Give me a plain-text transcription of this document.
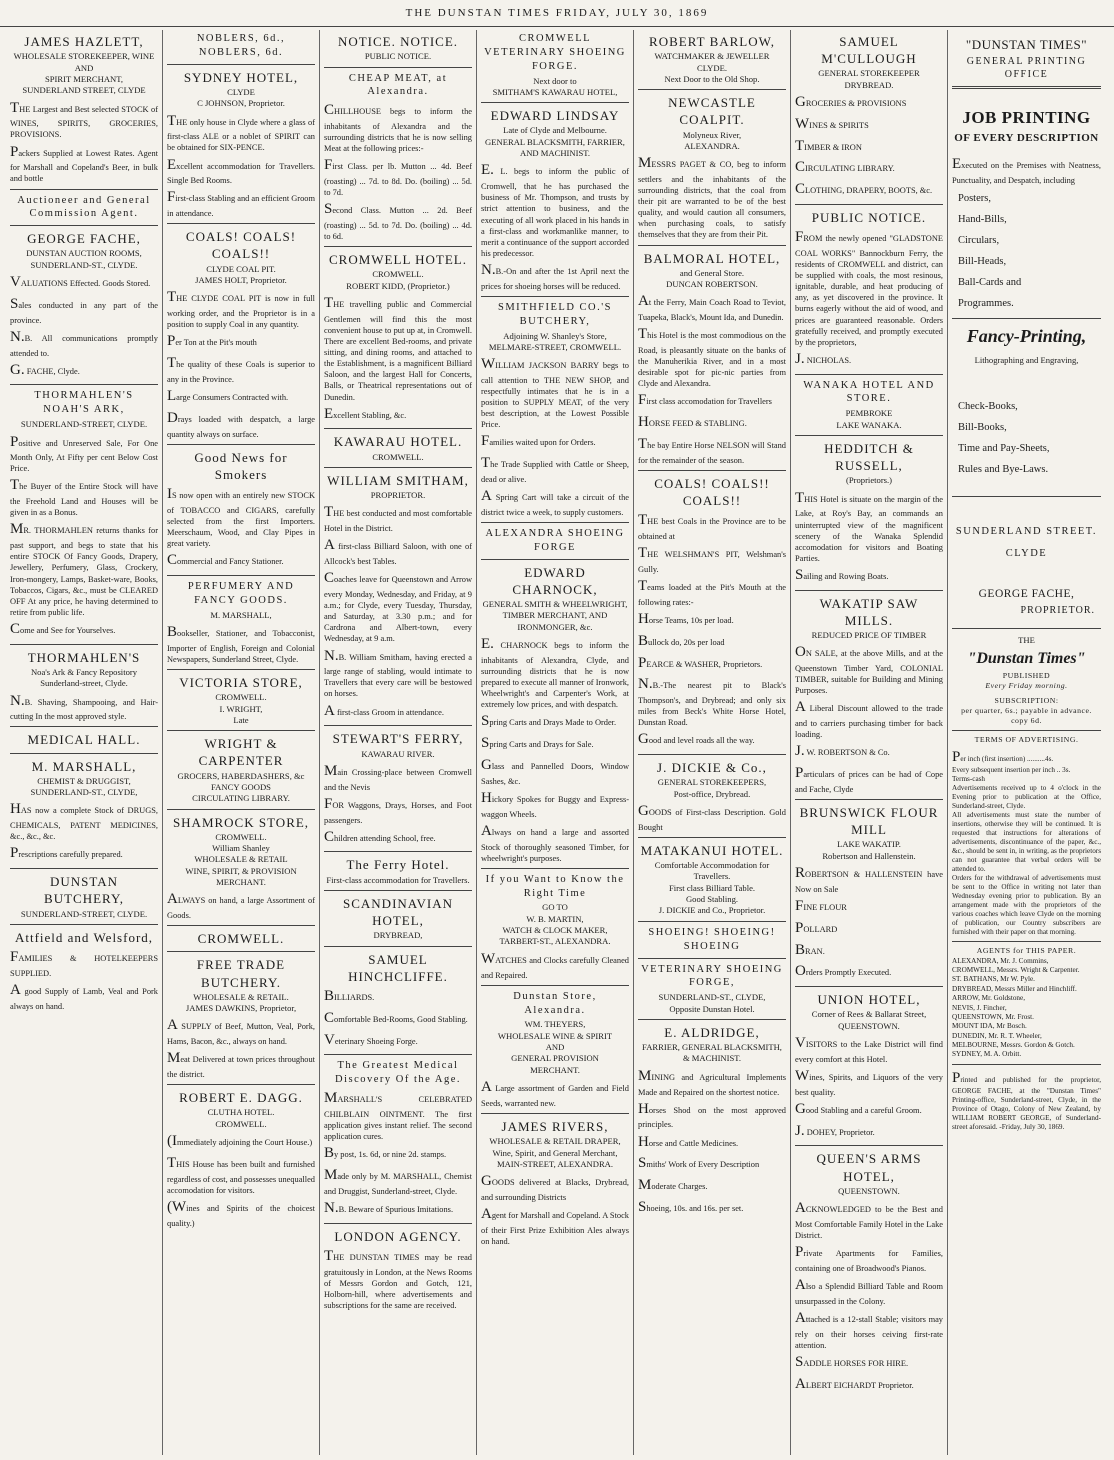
THE DUNSTAN TIMES FRIDAY, JULY 30, 1869
JAMES HAZLETT,
WHOLESALE STOREKEEPER, WINE
AND
SPIRIT MERCHANT,
SUNDERLAND STREET, CLYDE
THE Largest and Best selected STOCK of WINES, SPIRITS, GROCERIES, PROVISIONS.
Packers Supplied at Lowest Rates. Agent for Marshall and Copeland's Beer, in bulk and bottle
Auctioneer and General Commission Agent.
GEORGE FACHE,
DUNSTAN AUCTION ROOMS,
SUNDERLAND-ST., CLYDE.
VALUATIONS Effected. Goods Stored.
Sales conducted in any part of the province.
N.B. All communications promptly attended to.
G. FACHE, Clyde.
THORMAHLEN'S NOAH'S ARK,
SUNDERLAND-STREET, CLYDE.
Positive and Unreserved Sale, For One Month Only, At Fifty per cent Below Cost Price.
The Buyer of the Entire Stock will have the Freehold Land and Houses will be given in as a Bonus.
MR. THORMAHLEN returns thanks for past support, and begs to state that his entire STOCK Of Fancy Goods, Drapery, Jewellery, Perfumery, Glass, Crockery, Iron-mongery, Lamps, Basket-ware, Books, Tobaccos, Cigars, &c., must be CLEARED OFF At any price, he having determined to retire from public life.
Come and See for Yourselves.
THORMAHLEN'S
Noa's Ark & Fancy Repository
Sunderland-street, Clyde.
N.B. Shaving, Shampooing, and Hair-cutting In the most approved style.
MEDICAL HALL.
M. MARSHALL,
CHEMIST & DRUGGIST,
SUNDERLAND-ST., CLYDE,
HAS now a complete Stock of DRUGS, CHEMICALS, PATENT MEDICINES, &c., &c., &c.
Prescriptions carefully prepared.
DUNSTAN BUTCHERY,
SUNDERLAND-STREET, CLYDE.
Attfield and Welsford,
FAMILIES & HOTELKEEPERS SUPPLIED.
A good Supply of Lamb, Veal and Pork always on hand.
NOBLERS, 6d., NOBLERS, 6d.
SYDNEY HOTEL,
CLYDE
C JOHNSON, Proprietor.
THE only house in Clyde where a glass of first-class ALE or a noblet of SPIRIT can be obtained for SIX-PENCE.
Excellent accommodation for Travellers. Single Bed Rooms.
First-class Stabling and an efficient Groom in attendance.
COALS! COALS! COALS!!
CLYDE COAL PIT.
JAMES HOLT, Proprietor.
THE CLYDE COAL PIT is now in full working order, and the Proprietor is in a position to supply Coal in any quantity.
Per Ton at the Pit's mouth
The quality of these Coals is superior to any in the Province.
Large Consumers Contracted with.
Drays loaded with despatch, a large quantity always on surface.
Good News for Smokers
IS now open with an entirely new STOCK of TOBACCO and CIGARS, carefully selected from the first Importers. Meerschaum, Wood, and Clay Pipes in great variety.
Commercial and Fancy Stationer.
PERFUMERY AND FANCY GOODS.
M. MARSHALL,
Bookseller, Stationer, and Tobacconist, Importer of English, Foreign and Colonial Newspapers, Sunderland Street, Clyde.
VICTORIA STORE,
CROMWELL.
I. WRIGHT,
Late
WRIGHT & CARPENTER
GROCERS, HABERDASHERS, &c
FANCY GOODS
CIRCULATING LIBRARY.
SHAMROCK STORE,
CROMWELL.
William Shanley
WHOLESALE & RETAIL
WINE, SPIRIT, & PROVISION
MERCHANT.
ALWAYS on hand, a large Assortment of Goods.
CROMWELL.
FREE TRADE BUTCHERY.
WHOLESALE & RETAIL.
JAMES DAWKINS, Proprietor,
A SUPPLY of Beef, Mutton, Veal, Pork, Hams, Bacon, &c., always on hand.
Meat Delivered at town prices throughout the district.
ROBERT E. DAGG.
CLUTHA HOTEL.
CROMWELL.
(Immediately adjoining the Court House.)
THIS House has been built and furnished regardless of cost, and possesses unequalled accomodation for visitors.
(Wines and Spirits of the choicest quality.)
NOTICE. NOTICE.
PUBLIC NOTICE.
CHEAP MEAT, at Alexandra.
CHILLHOUSE begs to inform the inhabitants of Alexandra and the surrounding districts that he is now selling Meat at the following prices:-
First Class. per lb. Mutton ... 4d. Beef (roasting) ... 7d. to 8d. Do. (boiling) ... 5d. to 7d.
Second Class. Mutton ... 2d. Beef (roasting) ... 5d. to 7d. Do. (boiling) ... 4d. to 6d.
CROMWELL HOTEL.
CROMWELL.
ROBERT KIDD, (Proprietor.)
THE travelling public and Commercial Gentlemen will find this the most convenient house to put up at, in Cromwell. There are excellent Bed-rooms, and private sitting, and dining rooms, and attached to the Establishment, is a magnificent Billiard Saloon, and the largest Hall for Concerts, Balls, or Theatrical representations out of Dunedin.
Excellent Stabling, &c.
KAWARAU HOTEL.
CROMWELL.
WILLIAM SMITHAM,
PROPRIETOR.
THE best conducted and most comfortable Hotel in the District.
A first-class Billiard Saloon, with one of Allcock's best Tables.
Coaches leave for Queenstown and Arrow every Monday, Wednesday, and Friday, at 9 a.m.; for Clyde, every Tuesday, Thursday, and Saturday, at 3.30 p.m.; and for Cardrona and Albert-town, every Wednesday, at 9 a.m.
N.B. William Smitham, having erected a large range of stabling, would intimate to Travellers that every care will be bestowed on horses.
A first-class Groom in attendance.
STEWART'S FERRY,
KAWARAU RIVER.
Main Crossing-place between Cromwell and the Nevis
FOR Waggons, Drays, Horses, and Foot passengers.
Children attending School, free.
The Ferry Hotel.
First-class accommodation for Travellers.
SCANDINAVIAN HOTEL,
DRYBREAD,
SAMUEL HINCHCLIFFE.
BILLIARDS.
Comfortable Bed-Rooms, Good Stabling.
Veterinary Shoeing Forge.
The Greatest Medical Discovery Of the Age.
MARSHALL'S CELEBRATED CHILBLAIN OINTMENT. The first application gives instant relief. The second application cures.
By post, 1s. 6d, or nine 2d. stamps.
Made only by M. MARSHALL, Chemist and Druggist, Sunderland-street, Clyde.
N.B. Beware of Spurious Imitations.
LONDON AGENCY.
THE DUNSTAN TIMES may be read gratuitously in London, at the News Rooms of Messrs Gordon and Gotch, 121, Holborn-hill, where advertisements and subscriptions for the same are received.
CROMWELL VETERINARY SHOEING FORGE.
Next door to
SMITHAM'S KAWARAU HOTEL,
EDWARD LINDSAY
Late of Clyde and Melbourne.
GENERAL BLACKSMITH, FARRIER, AND MACHINIST.
E. L. begs to inform the public of Cromwell, that he has purchased the business of Mr. Thompson, and trusts by strict attention to business, and the executing of all work placed in his hands in a first-class and workmanlike manner, to merit a continuance of the support accorded his predecessor.
N.B.-On and after the 1st April next the prices for shoeing horses will be reduced.
SMITHFIELD CO.'S BUTCHERY,
Adjoining W. Shanley's Store,
MELMARE-STREET, CROMWELL.
WILLIAM JACKSON BARRY begs to call attention to THE NEW SHOP, and respectfully intimates that he is in a position to SUPPLY MEAT, of the very best description, at the Lowest Possible Price.
Families waited upon for Orders.
The Trade Supplied with Cattle or Sheep, dead or alive.
A Spring Cart will take a circuit of the district twice a week, to supply customers.
ALEXANDRA SHOEING FORGE
EDWARD CHARNOCK,
GENERAL SMITH & WHEELWRIGHT,
TIMBER MERCHANT, AND IRONMONGER, &c.
E. CHARNOCK begs to inform the inhabitants of Alexandra, Clyde, and surrounding districts that he is now prepared to execute all manner of Ironwork, Wheelwright's and Carpenter's Work, at extremely low prices, and with despatch.
Spring Carts and Drays Made to Order.
Spring Carts and Drays for Sale.
Glass and Pannelled Doors, Window Sashes, &c.
Hickory Spokes for Buggy and Express-waggon Wheels.
Always on hand a large and assorted Stock of thoroughly seasoned Timber, for wheelwright's purposes.
If you Want to Know the Right Time
GO TO
W. B. MARTIN,
WATCH & CLOCK MAKER,
TARBERT-ST., ALEXANDRA.
WATCHES and Clocks carefully Cleaned and Repaired.
Dunstan Store, Alexandra.
WM. THEYERS,
WHOLESALE WINE & SPIRIT
AND
GENERAL PROVISION
MERCHANT.
A Large assortment of Garden and Field Seeds, warranted new.
JAMES RIVERS,
WHOLESALE & RETAIL DRAPER,
Wine, Spirit, and General Merchant,
MAIN-STREET, ALEXANDRA.
GOODS delivered at Blacks, Drybread, and surrounding Districts
Agent for Marshall and Copeland. A Stock of their First Prize Exhibition Ales always on hand.
ROBERT BARLOW,
WATCHMAKER & JEWELLER
CLYDE.
Next Door to the Old Shop.
NEWCASTLE COALPIT.
Molyneux River,
ALEXANDRA.
MESSRS PAGET & CO, beg to inform settlers and the inhabitants of the surrounding districts, that the coal from their pit are warranted to be of the best quality, and would caution all consumers, when purchasing coals, to satisfy themselves that they are from their Pit.
BALMORAL HOTEL,
and General Store.
DUNCAN ROBERTSON.
At the Ferry, Main Coach Road to Teviot, Tuapeka, Black's, Mount Ida, and Dunedin.
This Hotel is the most commodious on the Road, is pleasantly situate on the banks of the Manuherikia River, and in a most desirable spot for pic-nic parties from Clyde and Alexandra.
First class accomodation for Travellers
HORSE FEED & STABLING.
The bay Entire Horse NELSON will Stand for the remainder of the season.
COALS! COALS!! COALS!!
THE best Coals in the Province are to be obtained at
THE WELSHMAN'S PIT, Welshman's Gully.
Teams loaded at the Pit's Mouth at the following rates:-
Horse Teams, 10s per load.
Bullock do, 20s per load
PEARCE & WASHER, Proprietors.
N.B.-The nearest pit to Black's Thompson's, and Drybread; and only six miles from Beck's White Horse Hotel, Dunstan Road.
Good and level roads all the way.
J. DICKIE & Co.,
GENERAL STOREKEEPERS,
Post-office, Drybread.
GOODS of First-class Description. Gold Bought
MATAKANUI HOTEL.
Comfortable Accommodation for Travellers.
First class Billiard Table.
Good Stabling.
J. DICKIE and Co., Proprietor.
SHOEING! SHOEING! SHOEING
VETERINARY SHOEING FORGE,
SUNDERLAND-ST., CLYDE,
Opposite Dunstan Hotel.
E. ALDRIDGE,
FARRIER, GENERAL BLACKSMITH, & MACHINIST.
MINING and Agricultural Implements Made and Repaired on the shortest notice.
Horses Shod on the most approved principles.
Horse and Cattle Medicines.
Smiths' Work of Every Description
Moderate Charges.
Shoeing, 10s. and 16s. per set.
SAMUEL M'CULLOUGH
GENERAL STOREKEEPER
DRYBREAD.
GROCERIES & PROVISIONS
WINES & SPIRITS
TIMBER & IRON
CIRCULATING LIBRARY.
CLOTHING, DRAPERY, BOOTS, &c.
PUBLIC NOTICE.
FROM the newly opened "GLADSTONE COAL WORKS" Bannockburn Ferry, the residents of CROMWELL and district, can be supplied with coals, the most resinous, ignitable, durable, and heat producing of any, as yet discovered in the province. It burns eagerly without the aid of wood, and prices are guaranteed reasonable. Orders gratefully received, and promptly executed by the proprietors,
J. NICHOLAS.
WANAKA HOTEL AND STORE.
PEMBROKE
LAKE WANAKA.
HEDDITCH & RUSSELL,
(Proprietors.)
THIS Hotel is situate on the margin of the Lake, at Roy's Bay, an commands an uninterrupted view of the magnificent scenery of the Wanaka Splendid accomodation for visitors and Boating Parties.
Sailing and Rowing Boats.
WAKATIP SAW MILLS.
REDUCED PRICE OF TIMBER
ON SALE, at the above Mills, and at the Queenstown Timber Yard, COLONIAL TIMBER, suitable for Building and Mining Purposes.
A Liberal Discount allowed to the trade and to carriers purchasing timber for back loading.
J. W. ROBERTSON & Co.
Particulars of prices can be had of Cope and Fache, Clyde
BRUNSWICK FLOUR MILL
LAKE WAKATIP.
Robertson and Hallenstein.
ROBERTSON & HALLENSTEIN have Now on Sale
FINE FLOUR
POLLARD
BRAN.
Orders Promptly Executed.
UNION HOTEL,
Corner of Rees & Ballarat Street,
QUEENSTOWN.
VISITORS to the Lake District will find every comfort at this Hotel.
Wines, Spirits, and Liquors of the very best quality.
Good Stabling and a careful Groom.
J. DOHEY, Proprietor.
QUEEN'S ARMS HOTEL,
QUEENSTOWN.
ACKNOWLEDGED to be the Best and Most Comfortable Family Hotel in the Lake District.
Private Apartments for Families, containing one of Broadwood's Pianos.
Also a Splendid Billiard Table and Room unsurpassed in the Colony.
Attached is a 12-stall Stable; visitors may rely on their horses ceiving first-rate attention.
SADDLE HORSES FOR HIRE.
ALBERT EICHARDT Proprietor.
"DUNSTAN TIMES"
GENERAL PRINTING OFFICE
JOB PRINTING
OF EVERY DESCRIPTION
Executed on the Premises with Neatness, Punctuality, and Despatch, including
Posters,
Hand-Bills,
Circulars,
Bill-Heads,
Ball-Cards and
Programmes.
Fancy-Printing,
Lithographing and Engraving,
Check-Books,
Bill-Books,
Time and Pay-Sheets,
Rules and Bye-Laws.
SUNDERLAND STREET.
CLYDE
GEORGE FACHE,
PROPRIETOR.
THE
"Dunstan Times"
PUBLISHED
Every Friday morning.
SUBSCRIPTION:
per quarter, 6s.; payable in advance.
copy 6d.
TERMS OF ADVERTISING.
Per inch (first insertion) ..........4s.
Every subsequent insertion per inch .. 3s.
Terms-cash
Advertisements received up to 4 o'clock in the Evening prior to publication at the Office, Sunderland-street, Clyde.
All advertisements must state the number of insertions, otherwise they will be continued. It is requested that instructions for alterations of advertisements, discontinuance of the paper, &c., &c., should be sent in, in writing, as the proprietors can not guarantee that verbal orders will be attended to.
Orders for the withdrawal of advertisements must be sent to the Office in writing not later than Wednesday evening prior to publication. By an arrangement made with the proprietors of the various coaches which leave Clyde on the morning of publication, our Country subscribers are furnished with their paper on that morning.
AGENTS for THIS PAPER.
ALEXANDRA, Mr. J. Commins,
CROMWELL, Messrs. Wright & Carpenter.
ST. BATHANS, Mr W. Pyle.
DRYBREAD, Messrs Miller and Hinchliff.
ARROW, Mr. Goldstone,
NEVIS, J. Fincher,
QUEENSTOWN, Mr. Frost.
MOUNT IDA, Mr Bosch.
DUNEDIN, Mr. R. T. Wheeler,
MELBOURNE, Messrs. Gordon & Gotch.
SYDNEY, M. A. Orbitt.
Printed and published for the proprietor, GEORGE FACHE, at the "Dunstan Times" Printing-office, Sunderland-street, Clyde, in the Province of Otago, Colony of New Zealand, by WILLIAM ROBERT GEORGE, of Sunderland-street aforesaid. -Friday, July 30, 1869.
